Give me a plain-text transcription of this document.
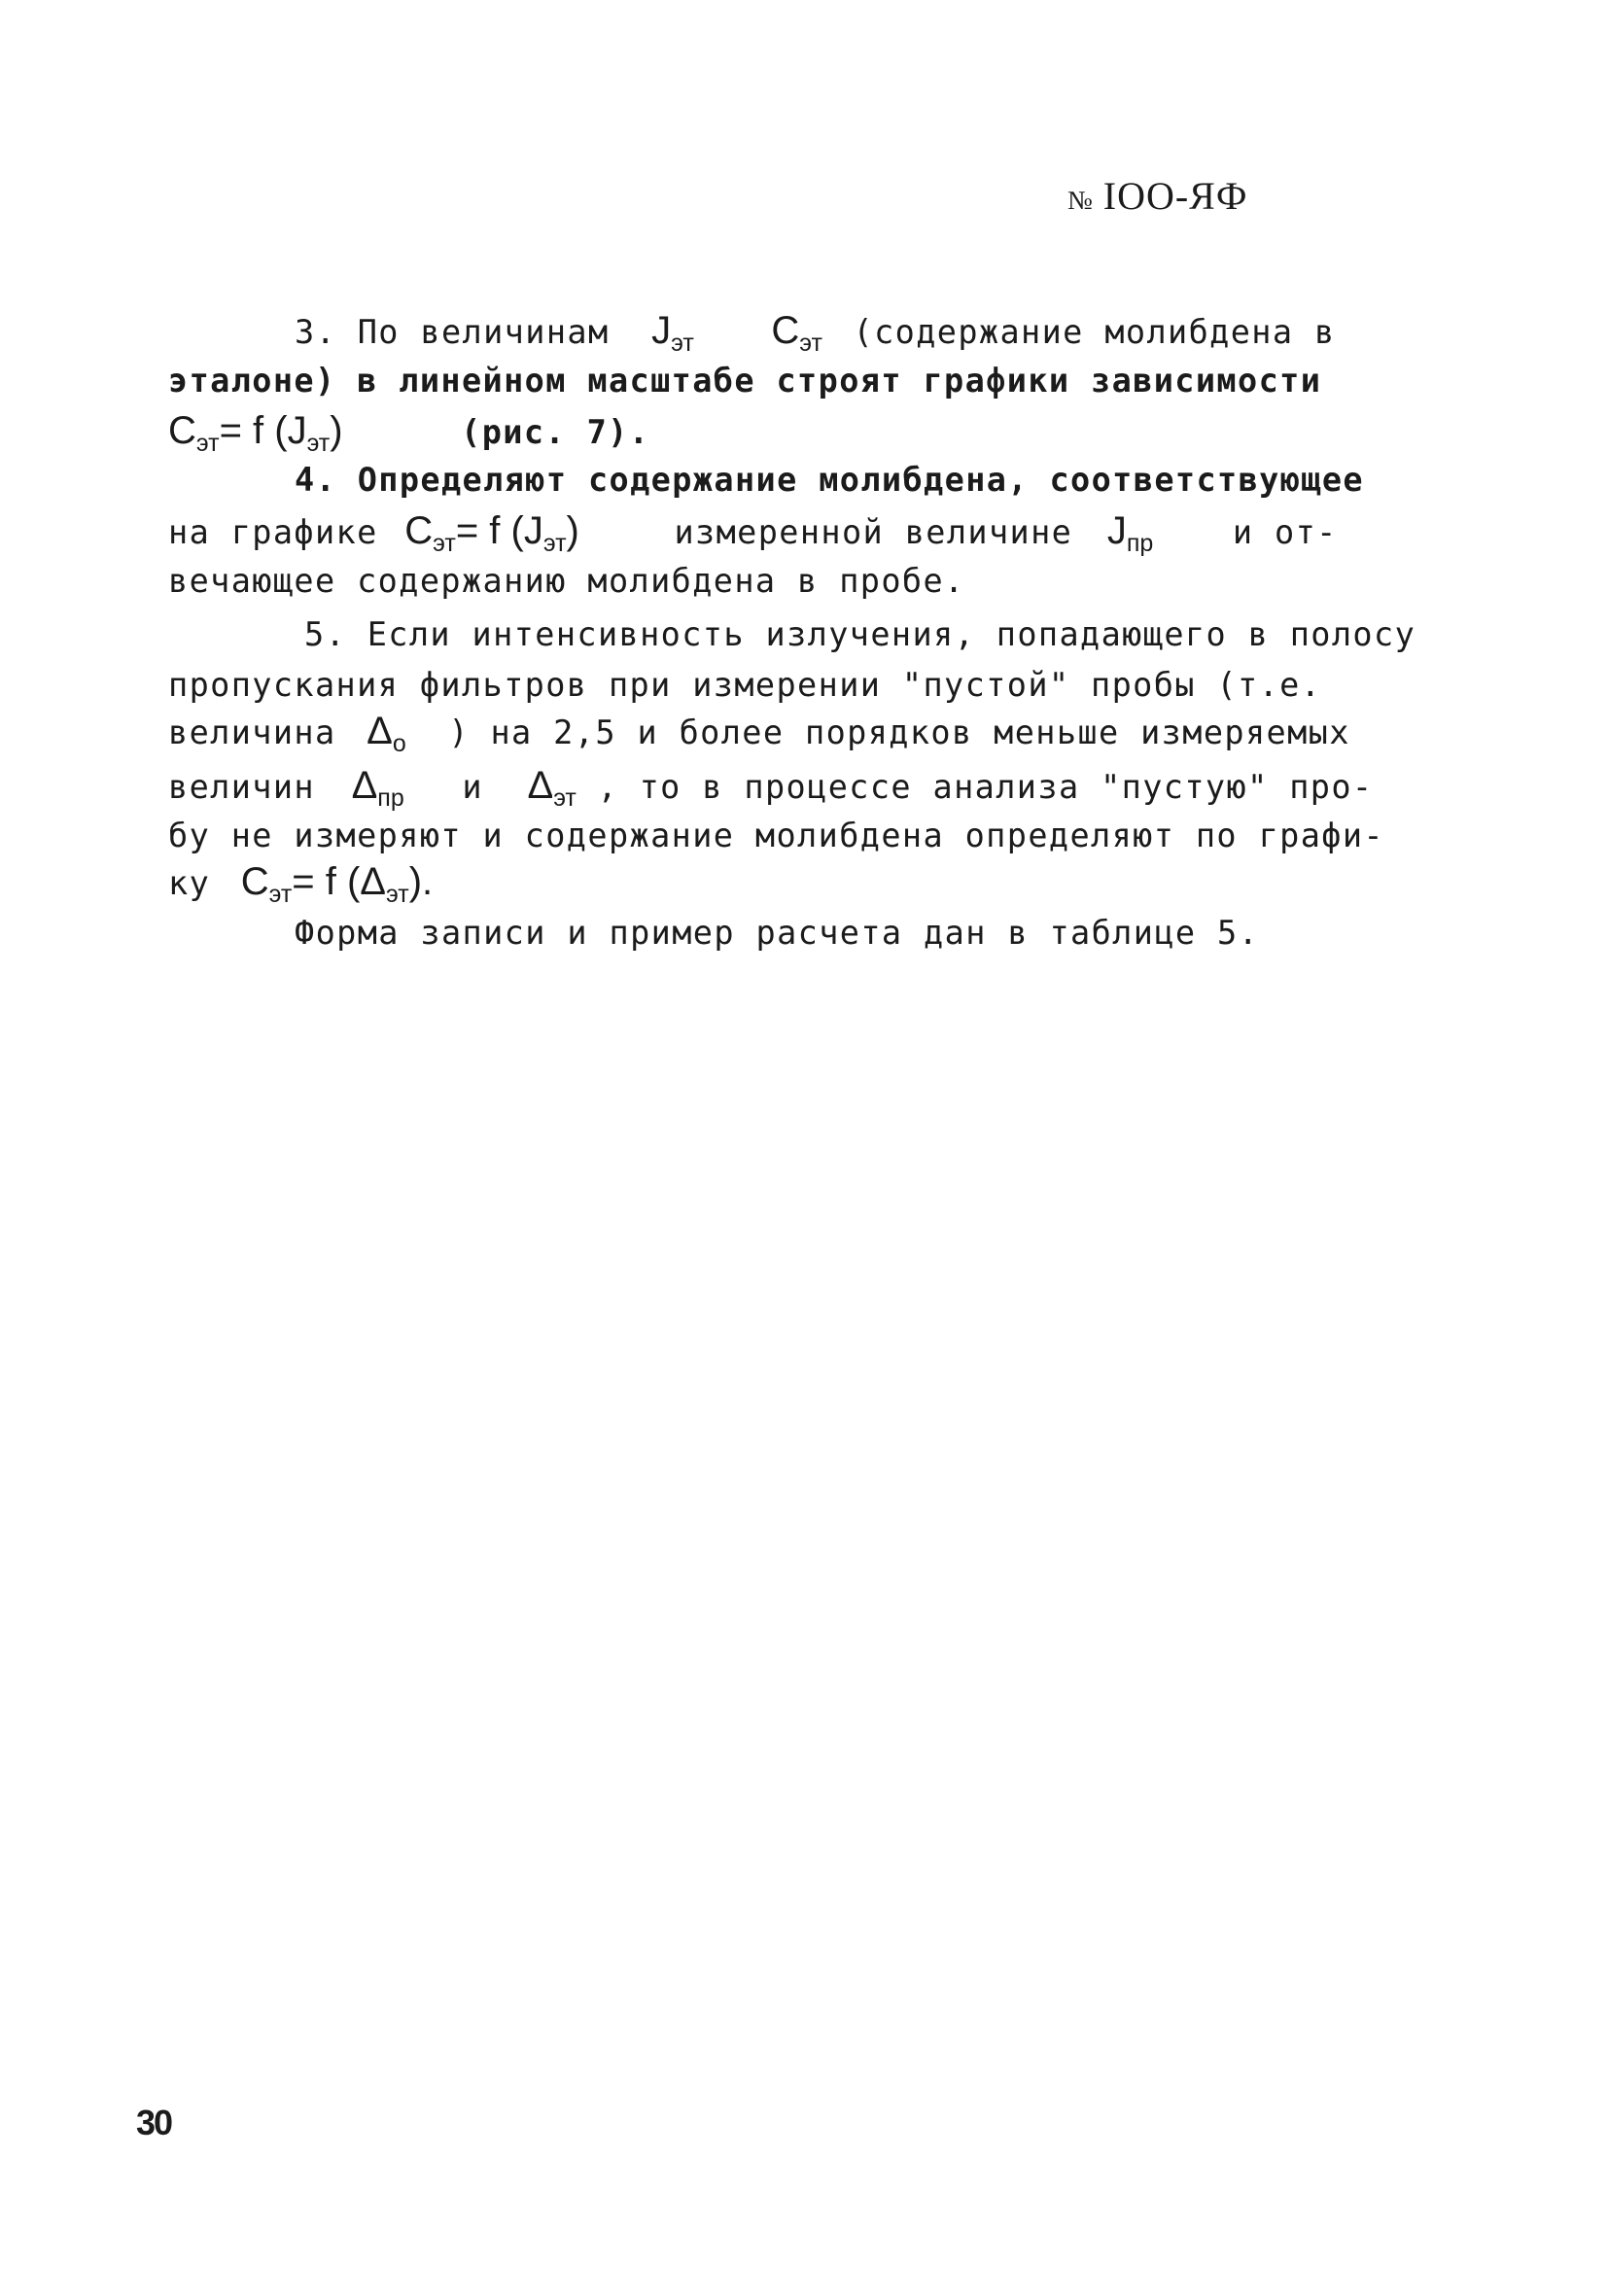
№ IOO-ЯФ
3. По величинам $J_{эт}$ $C_{эт}$ (содержание молибдена в
эталоне) в линейном масштабе строят графики зависимости
$C_{эт}= f$ $(J_{эт})$	(рис. 7).
4. Определяют содержание молибдена, соответствующее
на графике $C_{эт}= f$ $(J_{эт})$	измеренной величине $J_{пр}$ и от-
вечающее содержанию молибдена в пробе.
5. Если интенсивность излучения, попадающего в полосу
пропускания фильтров при измерении "пустой" пробы (т.е.
величина $\Delta_o$ ) на 2,5 и более порядков меньше измеряемых
величин $\Delta_{пр}$ и $\Delta_{эт}$ , то в процессе анализа "пустую" про-
бу не измеряют и содержание молибдена определяют по графи-
ку $C_{эт}= f$ $(\Delta_{эт})$.
Форма записи и пример расчета дан в таблице 5.
30
